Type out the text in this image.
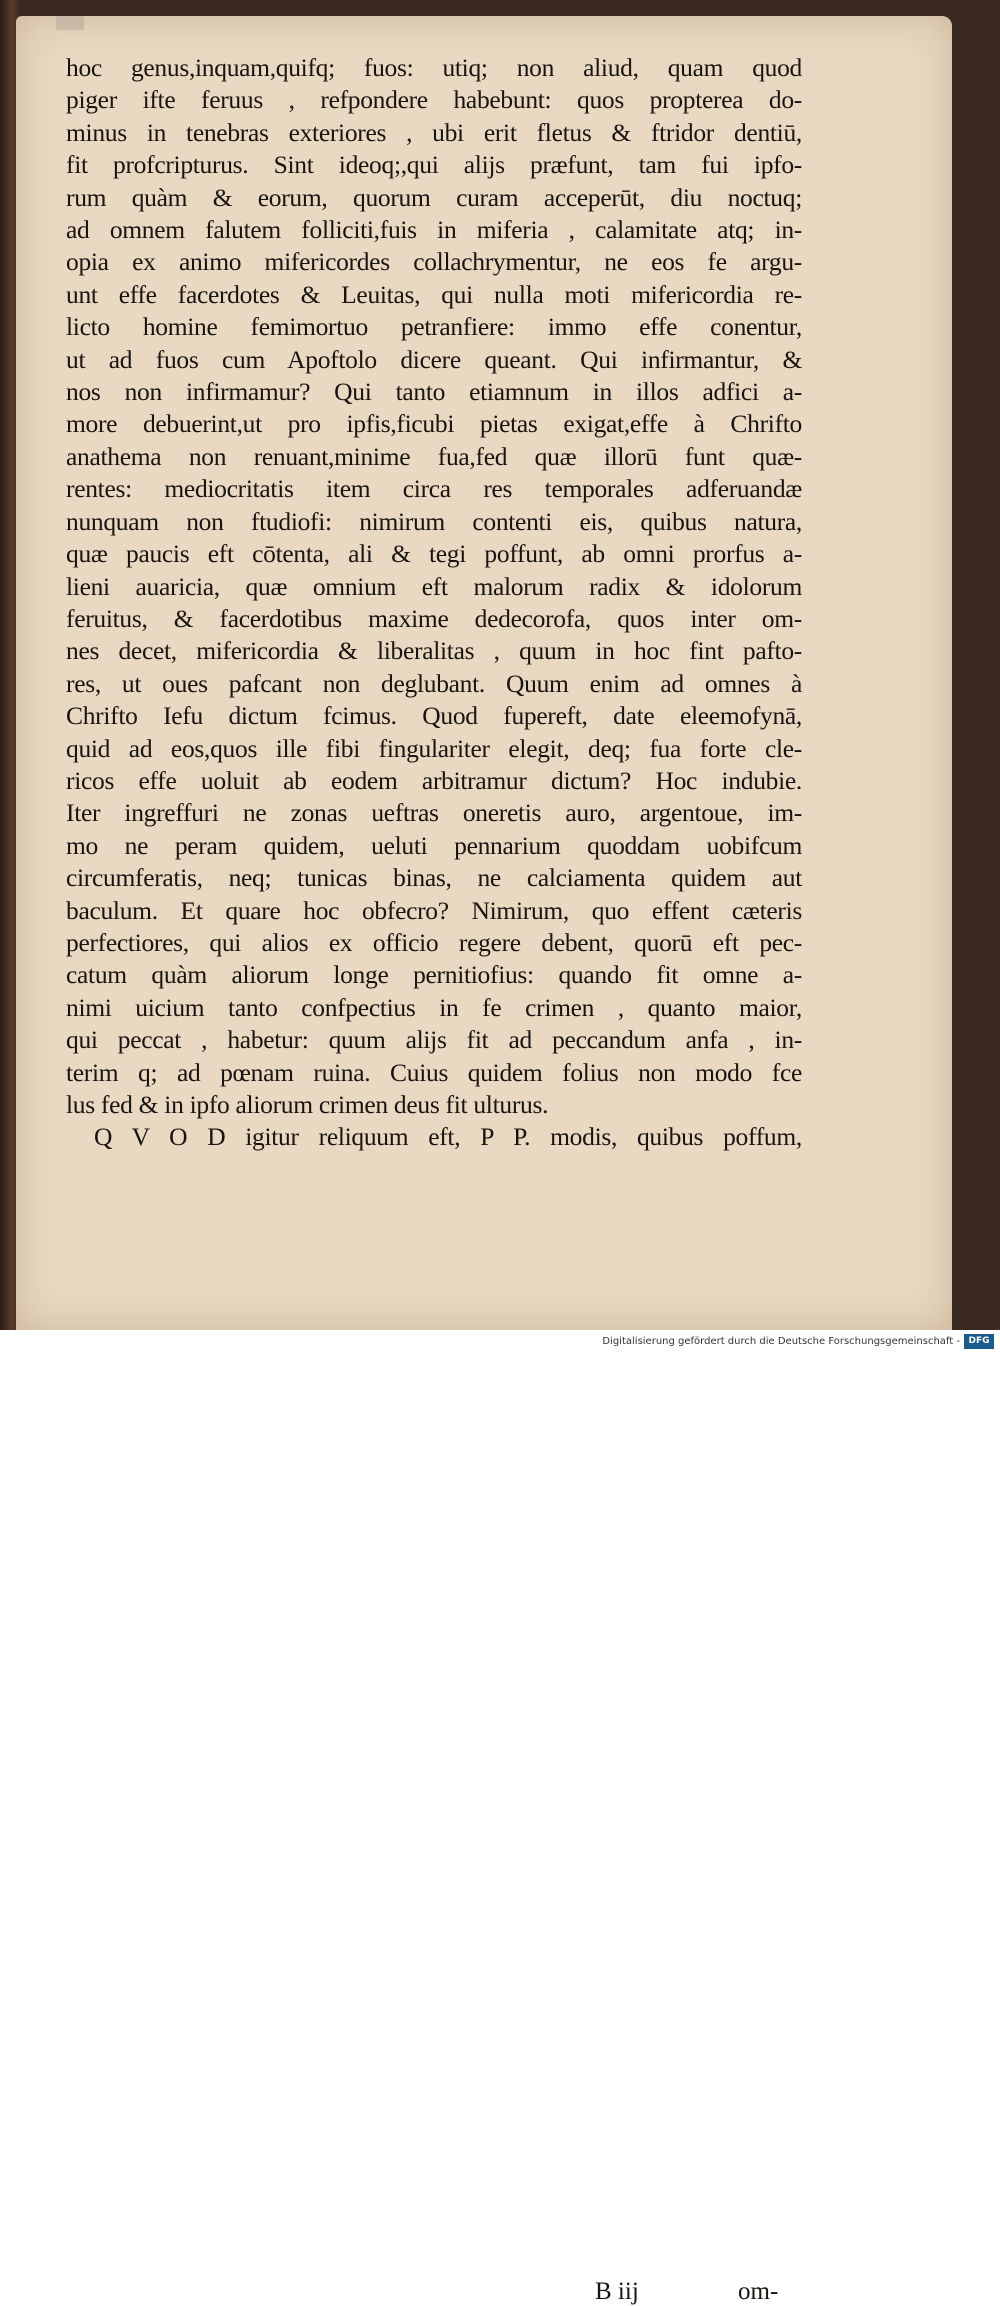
hoc genus,inquam,quifq; fuos: utiq; non aliud, quam quod
piger ifte feruus , refpondere habebunt: quos propterea do-
minus in tenebras exteriores , ubi erit fletus & ftridor dentiū,
fit profcripturus. Sint ideoq;,qui alijs præfunt, tam fui ipfo-
rum quàm & eorum, quorum curam acceperūt, diu noctuq;
ad omnem falutem folliciti,fuis in miferia , calamitate atq; in-
opia ex animo mifericordes collachrymentur, ne eos fe argu-
unt effe facerdotes & Leuitas, qui nulla moti mifericordia re-
licto homine femimortuo petranfiere: immo effe conentur,
ut ad fuos cum Apoftolo dicere queant. Qui infirmantur, &
nos non infirmamur? Qui tanto etiamnum in illos adfici a-
more debuerint,ut pro ipfis,ficubi pietas exigat,effe à Chrifto
anathema non renuant,minime fua,fed quæ illorū funt quæ-
rentes: mediocritatis item circa res temporales adferuandæ
nunquam non ftudiofi: nimirum contenti eis, quibus natura,
quæ paucis eft cōtenta, ali & tegi poffunt, ab omni prorfus a-
lieni auaricia, quæ omnium eft malorum radix & idolorum
feruitus, & facerdotibus maxime dedecorofa, quos inter om-
nes decet, mifericordia & liberalitas , quum in hoc fint pafto-
res, ut oues pafcant non deglubant. Quum enim ad omnes à
Chrifto Iefu dictum fcimus. Quod fupereft, date eleemofynā,
quid ad eos,quos ille fibi fingulariter elegit, deq; fua forte cle-
ricos effe uoluit ab eodem arbitramur dictum? Hoc indubie.
Iter ingreffuri ne zonas ueftras oneretis auro, argentoue, im-
mo ne peram quidem, ueluti pennarium quoddam uobifcum
circumferatis, neq; tunicas binas, ne calciamenta quidem aut
baculum. Et quare hoc obfecro? Nimirum, quo effent cæteris
perfectiores, qui alios ex officio regere debent, quorū eft pec-
catum quàm aliorum longe pernitiofius: quando fit omne a-
nimi uicium tanto confpectius in fe crimen , quanto maior,
qui peccat , habetur: quum alijs fit ad peccandum anfa , in-
terim q; ad pœnam ruina. Cuius quidem folius non modo fce
lus fed & in ipfo aliorum crimen deus fit ulturus.
Q V O D igitur reliquum eft, P P. modis, quibus poffum,
B iij	om-
Digitalisierung gefördert durch die Deutsche Forschungsgemeinschaft - DFG
